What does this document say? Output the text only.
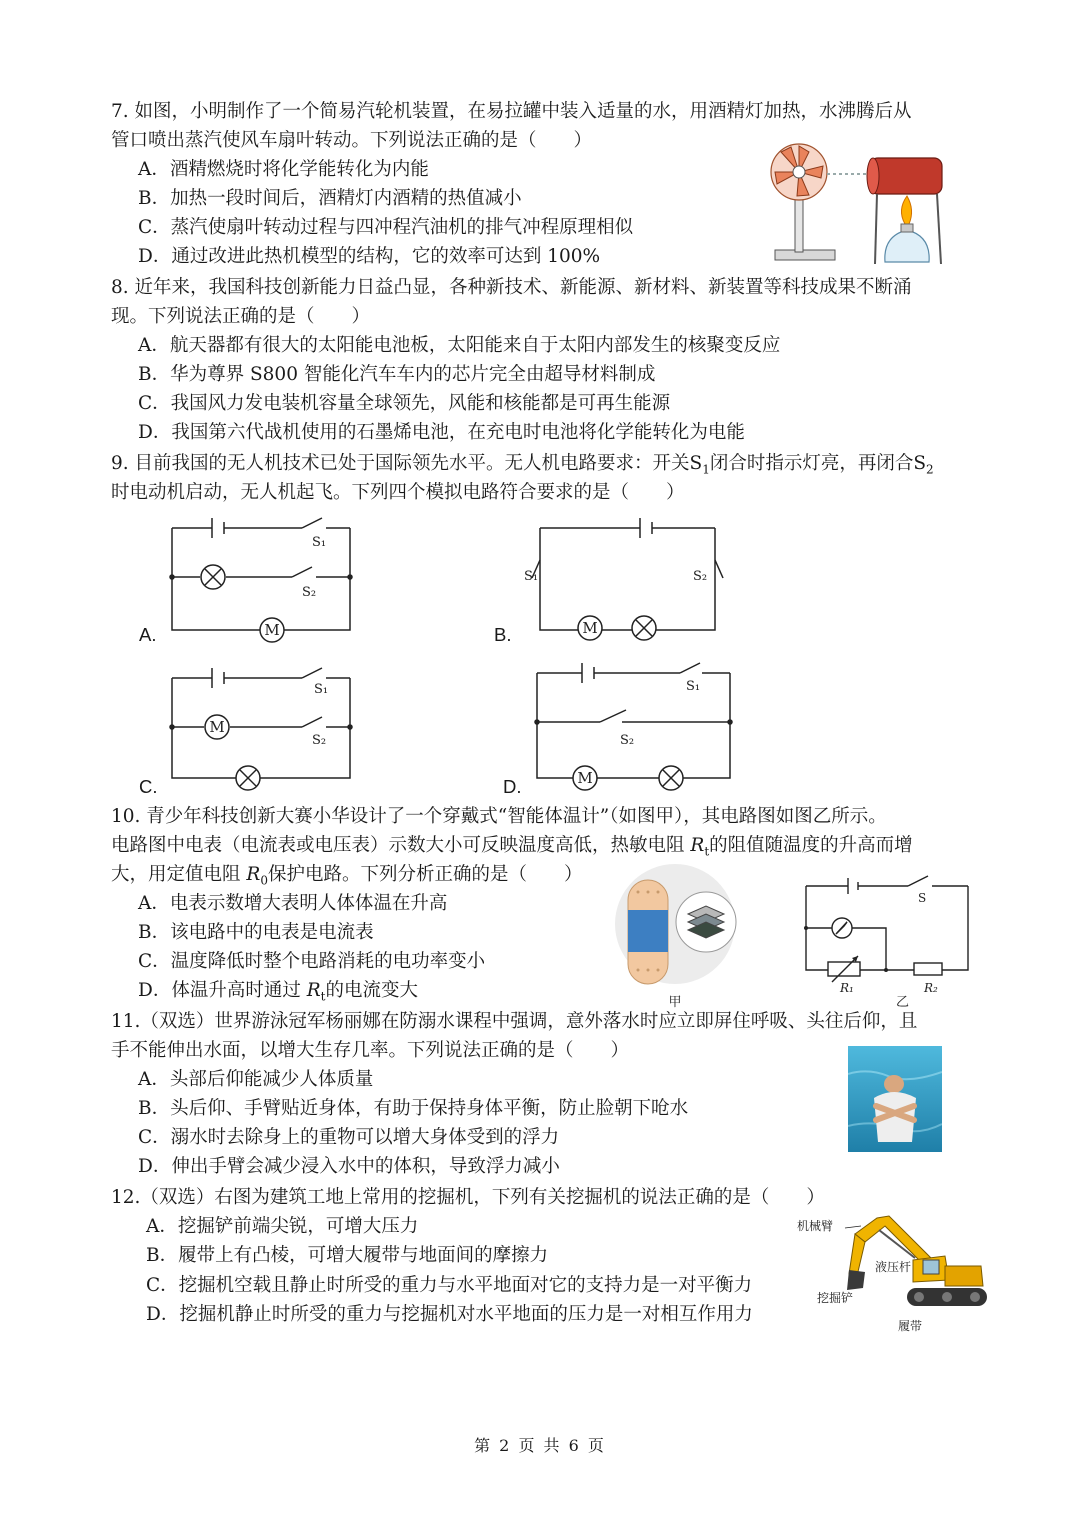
7. 如图，小明制作了一个简易汽轮机装置，在易拉罐中装入适量的水，用酒精灯加热，水沸腾后从
管口喷出蒸汽使风车扇叶转动。下列说法正确的是（　　）
A．酒精燃烧时将化学能转化为内能
B．加热一段时间后，酒精灯内酒精的热值减小
C．蒸汽使扇叶转动过程与四冲程汽油机的排气冲程原理相似
D．通过改进此热机模型的结构，它的效率可达到 100%
8. 近年来，我国科技创新能力日益凸显，各种新技术、新能源、新材料、新装置等科技成果不断涌
现。下列说法正确的是（　　）
A．航天器都有很大的太阳能电池板，太阳能来自于太阳内部发生的核聚变反应
B．华为尊界 S800 智能化汽车车内的芯片完全由超导材料制成
C．我国风力发电装机容量全球领先，风能和核能都是可再生能源
D．我国第六代战机使用的石墨烯电池，在充电时电池将化学能转化为电能
9. 目前我国的无人机技术已处于国际领先水平。无人机电路要求：开关$S_1$闭合时指示灯亮，再闭合$S_2$
时电动机启动，无人机起飞。下列四个模拟电路符合要求的是（　　）
M	M
M
M
S₁
S₂
S₁	S₂
S₁
S₂
S₁
S₂
A.	B.
C.	D.
10. 青少年科技创新大赛小华设计了一个穿戴式“智能体温计”（如图甲），其电路图如图乙所示。
电路图中电表（电流表或电压表）示数大小可反映温度高低，热敏电阻 $R_t$的阻值随温度的升高而增
大，用定值电阻 $R_0$保护电路。下列分析正确的是（　　）
A．电表示数增大表明人体体温在升高
B．该电路中的电表是电流表
C．温度降低时整个电路消耗的电功率变小
D．体温升高时通过 $R_t$的电流变大
甲
S
R₁	R₂
乙
11.（双选）世界游泳冠军杨丽娜在防溺水课程中强调，意外落水时应立即屏住呼吸、头往后仰，且
手不能伸出水面，以增大生存几率。下列说法正确的是（　　）
A．头部后仰能减少人体质量
B．头后仰、手臂贴近身体，有助于保持身体平衡，防止脸朝下呛水
C．溺水时去除身上的重物可以增大身体受到的浮力
D．伸出手臂会减少浸入水中的体积，导致浮力减小
12.（双选）右图为建筑工地上常用的挖掘机，下列有关挖掘机的说法正确的是（　　）
A．挖掘铲前端尖锐，可增大压力
B．履带上有凸棱，可增大履带与地面间的摩擦力
C．挖掘机空载且静止时所受的重力与水平地面对它的支持力是一对平衡力
D．挖掘机静止时所受的重力与挖掘机对水平地面的压力是一对相互作用力
机械臂
液压杆
挖掘铲
履带
第 2 页 共 6 页
